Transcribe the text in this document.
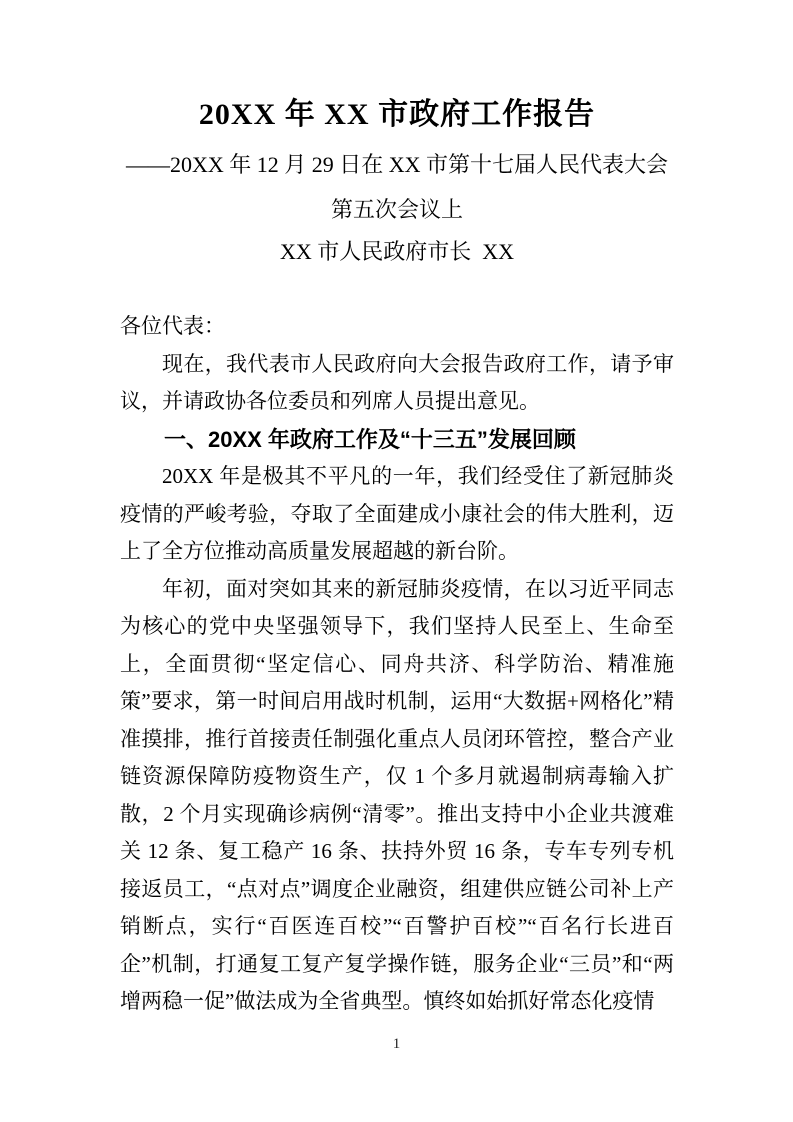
20XX 年 XX 市政府工作报告
——20XX 年 12 月 29 日在 XX 市第十七届人民代表大会第五次会议上
XX 市人民政府市长  XX

各位代表：

现在，我代表市人民政府向大会报告政府工作，请予审议，并请政协各位委员和列席人员提出意见。

一、20XX 年政府工作及“十三五”发展回顾

20XX 年是极其不平凡的一年，我们经受住了新冠肺炎疫情的严峻考验，夺取了全面建成小康社会的伟大胜利，迈上了全方位推动高质量发展超越的新台阶。

年初，面对突如其来的新冠肺炎疫情，在以习近平同志为核心的党中央坚强领导下，我们坚持人民至上、生命至上，全面贯彻“坚定信心、同舟共济、科学防治、精准施策”要求，第一时间启用战时机制，运用“大数据+网格化”精准摸排，推行首接责任制强化重点人员闭环管控，整合产业链资源保障防疫物资生产，仅 1 个多月就遏制病毒输入扩散，2 个月实现确诊病例“清零”。推出支持中小企业共渡难关 12 条、复工稳产 16 条、扶持外贸 16 条，专车专列专机接返员工，“点对点”调度企业融资，组建供应链公司补上产销断点，实行“百医连百校”“百警护百校”“百名行长进百企”机制，打通复工复产复学操作链，服务企业“三员”和“两增两稳一促”做法成为全省典型。慎终如始抓好常态化疫情

1
